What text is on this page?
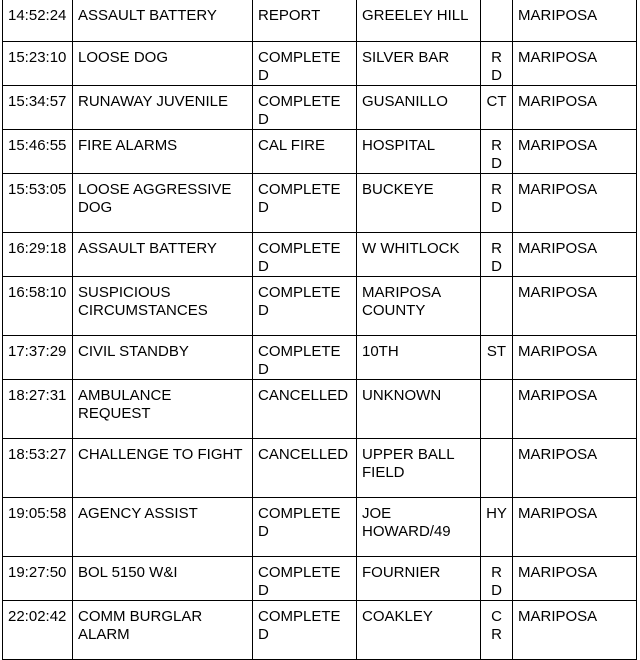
14:52:24	ASSAULT BATTERY	REPORT	GREELEY HILL		MARIPOSA
15:23:10	LOOSE DOG	COMPLETED	SILVER BAR	RD	MARIPOSA
15:34:57	RUNAWAY JUVENILE	COMPLETED	GUSANILLO	CT	MARIPOSA
15:46:55	FIRE ALARMS	CAL FIRE	HOSPITAL	RD	MARIPOSA
15:53:05	LOOSE AGGRESSIVE DOG	COMPLETED	BUCKEYE	RD	MARIPOSA
16:29:18	ASSAULT BATTERY	COMPLETED	W WHITLOCK	RD	MARIPOSA
16:58:10	SUSPICIOUS CIRCUMSTANCES	COMPLETED	MARIPOSA COUNTY		MARIPOSA
17:37:29	CIVIL STANDBY	COMPLETED	10TH	ST	MARIPOSA
18:27:31	AMBULANCE REQUEST	CANCELLED	UNKNOWN		MARIPOSA
18:53:27	CHALLENGE TO FIGHT	CANCELLED	UPPER BALL FIELD		MARIPOSA
19:05:58	AGENCY ASSIST	COMPLETED	JOE HOWARD/49	HY	MARIPOSA
19:27:50	BOL 5150 W&I	COMPLETED	FOURNIER	RD	MARIPOSA
22:02:42	COMM BURGLAR ALARM	COMPLETED	COAKLEY	CR	MARIPOSA
